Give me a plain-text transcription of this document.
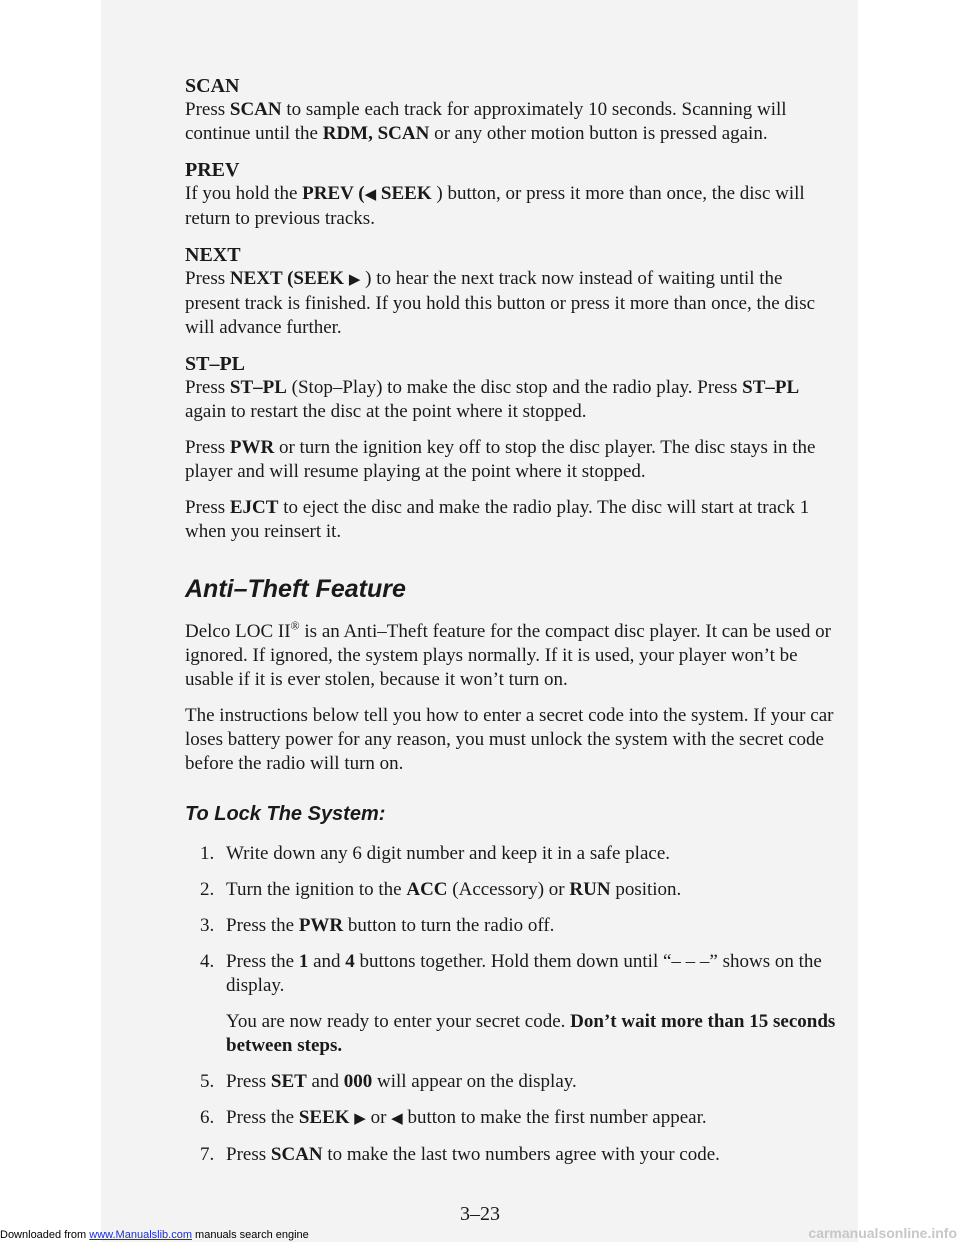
SCAN

Press SCAN to sample each track for approximately 10 seconds. Scanning will continue until the RDM, SCAN or any other motion button is pressed again.

PREV

If you hold the PREV (◀ SEEK ) button, or press it more than once, the disc will return to previous tracks.

NEXT

Press NEXT (SEEK ▶ ) to hear the next track now instead of waiting until the present track is finished. If you hold this button or press it more than once, the disc will advance further.

ST–PL

Press ST–PL (Stop–Play) to make the disc stop and the radio play. Press ST–PL again to restart the disc at the point where it stopped.

Press PWR or turn the ignition key off to stop the disc player. The disc stays in the player and will resume playing at the point where it stopped.

Press EJCT to eject the disc and make the radio play. The disc will start at track 1 when you reinsert it.

Anti–Theft Feature

Delco LOC II® is an Anti–Theft feature for the compact disc player. It can be used or ignored. If ignored, the system plays normally. If it is used, your player won’t be usable if it is ever stolen, because it won’t turn on.

The instructions below tell you how to enter a secret code into the system. If your car loses battery power for any reason, you must unlock the system with the secret code before the radio will turn on.

To Lock The System:
1. Write down any 6 digit number and keep it in a safe place.
2. Turn the ignition to the ACC (Accessory) or RUN position.
3. Press the PWR button to turn the radio off.
4. Press the 1 and 4 buttons together. Hold them down until “– – –” shows on the display.

You are now ready to enter your secret code. Don’t wait more than 15 seconds between steps.

5. Press SET and 000 will appear on the display.
6. Press the SEEK ▶ or ◀ button to make the first number appear.
7. Press SCAN to make the last two numbers agree with your code.
3–23
Downloaded from www.Manualslib.com manuals search engine	carmanualsonline.info
